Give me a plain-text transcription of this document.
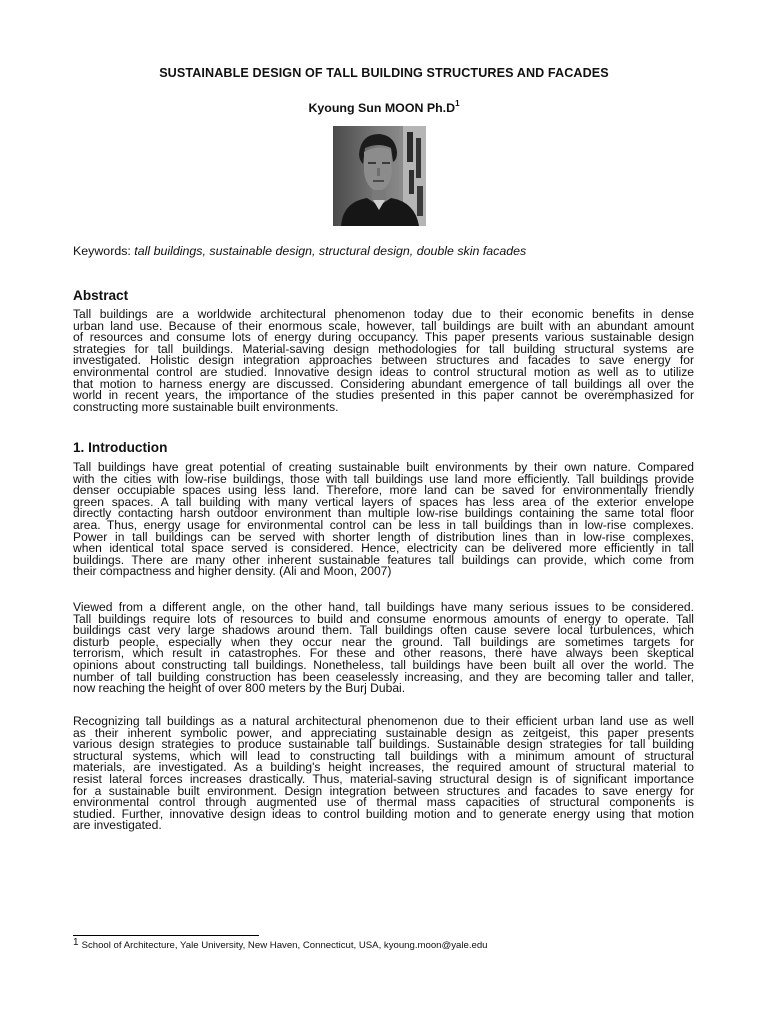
SUSTAINABLE DESIGN OF TALL BUILDING STRUCTURES AND FACADES
Kyoung Sun MOON $Ph.D^1$
Keywords: tall buildings, sustainable design, structural design, double skin facades
Abstract
Tall buildings are a worldwide architectural phenomenon today due to their economic benefits in dense
urban land use. Because of their enormous scale, however, tall buildings are built with an abundant amount
of resources and consume lots of energy during occupancy. This paper presents various sustainable design
strategies for tall buildings. Material-saving design methodologies for tall building structural systems are
investigated. Holistic design integration approaches between structures and facades to save energy for
environmental control are studied. Innovative design ideas to control structural motion as well as to utilize
that motion to harness energy are discussed. Considering abundant emergence of tall buildings all over the
world in recent years, the importance of the studies presented in this paper cannot be overemphasized for
constructing more sustainable built environments.
1. Introduction
Tall buildings have great potential of creating sustainable built environments by their own nature. Compared
with the cities with low-rise buildings, those with tall buildings use land more efficiently. Tall buildings provide
denser occupiable spaces using less land. Therefore, more land can be saved for environmentally friendly
green spaces. A tall building with many vertical layers of spaces has less area of the exterior envelope
directly contacting harsh outdoor environment than multiple low-rise buildings containing the same total floor
area. Thus, energy usage for environmental control can be less in tall buildings than in low-rise complexes.
Power in tall buildings can be served with shorter length of distribution lines than in low-rise complexes,
when identical total space served is considered. Hence, electricity can be delivered more efficiently in tall
buildings. There are many other inherent sustainable features tall buildings can provide, which come from
their compactness and higher density. (Ali and Moon, 2007)
Viewed from a different angle, on the other hand, tall buildings have many serious issues to be considered.
Tall buildings require lots of resources to build and consume enormous amounts of energy to operate. Tall
buildings cast very large shadows around them. Tall buildings often cause severe local turbulences, which
disturb people, especially when they occur near the ground. Tall buildings are sometimes targets for
terrorism, which result in catastrophes. For these and other reasons, there have always been skeptical
opinions about constructing tall buildings. Nonetheless, tall buildings have been built all over the world. The
number of tall building construction has been ceaselessly increasing, and they are becoming taller and taller,
now reaching the height of over 800 meters by the Burj Dubai.
Recognizing tall buildings as a natural architectural phenomenon due to their efficient urban land use as well
as their inherent symbolic power, and appreciating sustainable design as zeitgeist, this paper presents
various design strategies to produce sustainable tall buildings. Sustainable design strategies for tall building
structural systems, which will lead to constructing tall buildings with a minimum amount of structural
materials, are investigated. As a building's height increases, the required amount of structural material to
resist lateral forces increases drastically. Thus, material-saving structural design is of significant importance
for a sustainable built environment. Design integration between structures and facades to save energy for
environmental control through augmented use of thermal mass capacities of structural components is
studied. Further, innovative design ideas to control building motion and to generate energy using that motion
are investigated.
1 School of Architecture, Yale University, New Haven, Connecticut, USA, kyoung.moon@yale.edu
